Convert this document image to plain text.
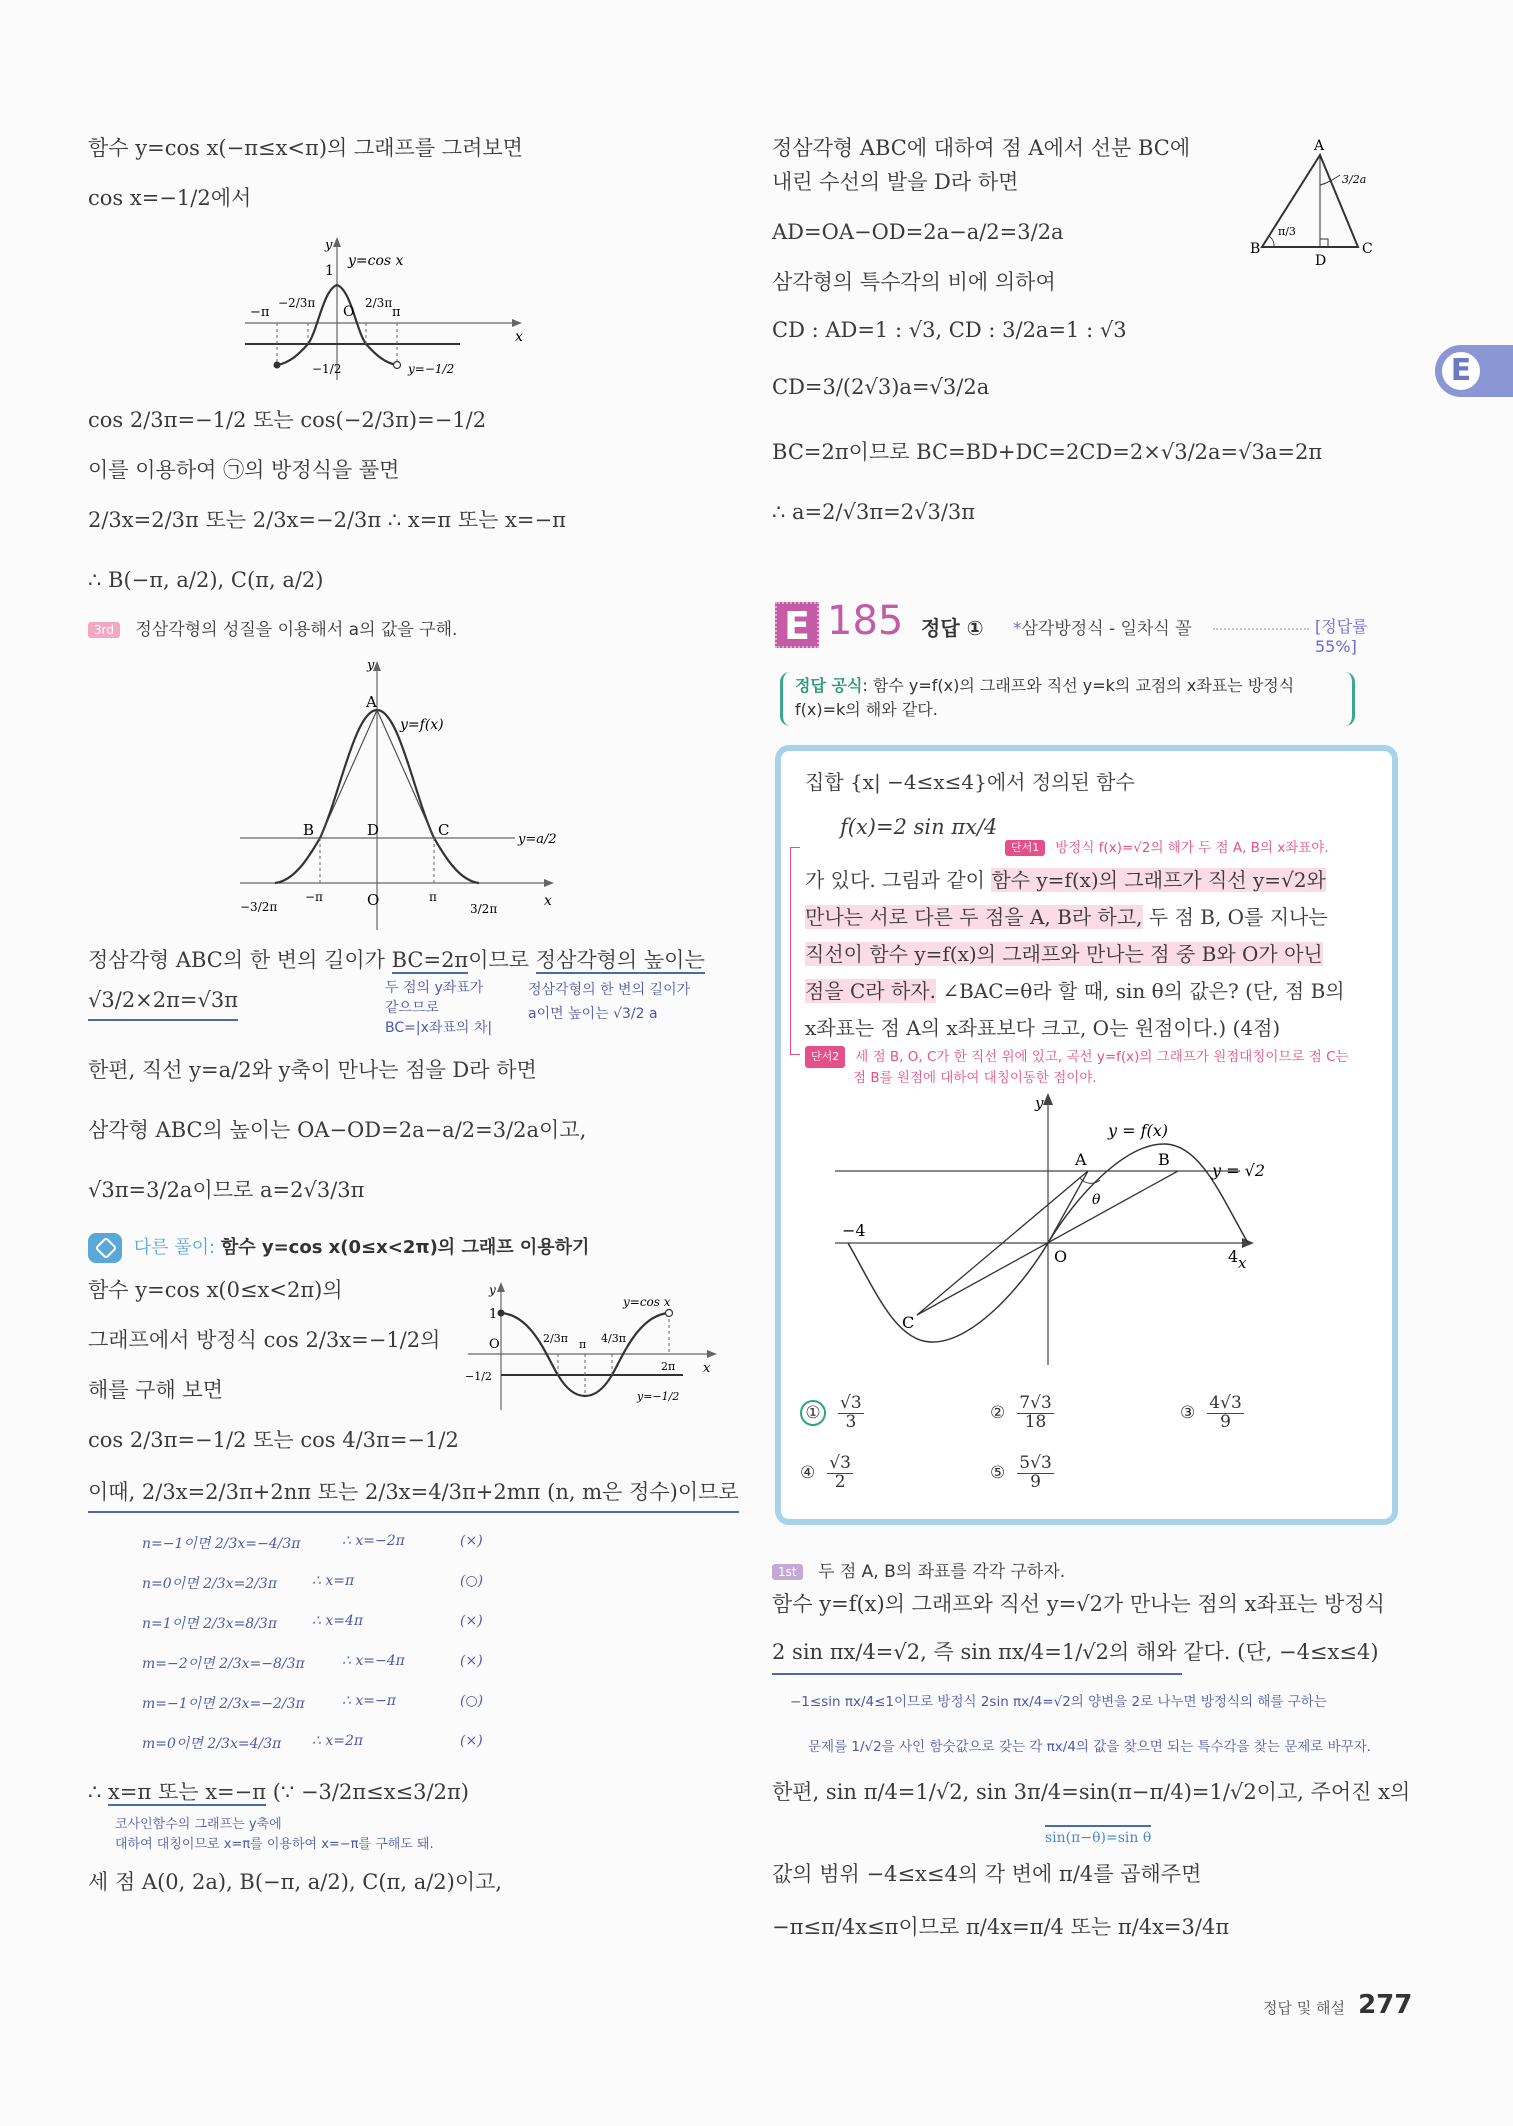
함수 y=cos x(−π≤x<π)의 그래프를 그려보면
cos x=−1/2에서
y
x
y=cos x
1
O
−π
−2/3π	2/3π
π
−1/2	y=−1/2
cos 2/3π=−1/2 또는 cos(−2/3π)=−1/2
이를 이용하여 ㉠의 방정식을 풀면
2/3x=2/3π 또는 2/3x=−2/3π ∴ x=π 또는 x=−π
∴ B(−π, a/2), C(π, a/2)
3rd 정삼각형의 성질을 이용해서 a의 값을 구해.
y
x
A
B	D	C
O
y=f(x)
y=a/2
−3/2π
−π	π
3/2π
정삼각형 ABC의 한 변의 길이가 BC=2π이므로 정삼각형의 높이는
√3/2×2π=√3π	두 점의 y좌표가
같으므로
BC=|x좌표의 차|
정삼각형의 한 변의 길이가
a이면 높이는 √3/2 a
한편, 직선 y=a/2와 y축이 만나는 점을 D라 하면
삼각형 ABC의 높이는 OA−OD=2a−a/2=3/2a이고,
√3π=3/2a이므로 a=2√3/3π
다른 풀이: 함수 y=cos x(0≤x<2π)의 그래프 이용하기
함수 y=cos x(0≤x<2π)의
그래프에서 방정식 cos 2/3x=−1/2의
해를 구해 보면
y
x
1
O
y=cos x
2/3π π 4/3π
2π
−1/2
y=−1/2
cos 2/3π=−1/2 또는 cos 4/3π=−1/2
이때, 2/3x=2/3π+2nπ 또는 2/3x=4/3π+2mπ (n, m은 정수)이므로
n=−1이면 2/3x=−4/3π	∴ x=−2π	(×)
n=0이면 2/3x=2/3π ∴ x=π	(○)
n=1이면 2/3x=8/3π ∴ x=4π	(×)
m=−2이면 2/3x=−8/3π	∴ x=−4π	(×)
m=−1이면 2/3x=−2/3π	∴ x=−π	(○)
m=0이면 2/3x=4/3π ∴ x=2π	(×)
∴ x=π 또는 x=−π (∵ −3/2π≤x≤3/2π)
코사인함수의 그래프는 y축에
대하여 대칭이므로 x=π를 이용하여 x=−π를 구해도 돼.
세 점 A(0, 2a), B(−π, a/2), C(π, a/2)이고,
정삼각형 ABC에 대하여 점 A에서 선분 BC에
내린 수선의 발을 D라 하면
AD=OA−OD=2a−a/2=3/2a
삼각형의 특수각의 비에 의하여
CD : AD=1 : √3, CD : 3/2a=1 : √3
CD=3/(2√3)a=√3/2a
BC=2π이므로 BC=BD+DC=2CD=2×√3/2a=√3a=2π
∴ a=2/√3π=2√3/3π
A
B	C
D
π/3
3/2a
E
E 185 정답 ① *삼각방정식 - 일차식 꼴	[정답률 55%]
정답 공식: 함수 y=f(x)의 그래프와 직선 y=k의 교점의 x좌표는 방정식
f(x)=k의 해와 같다.
집합 {x| −4≤x≤4}에서 정의된 함수
f(x)=2 sin πx/4
단서1 방정식 f(x)=√2의 해가 두 점 A, B의 x좌표야.
가 있다. 그림과 같이 함수 y=f(x)의 그래프가 직선 y=√2와
만나는 서로 다른 두 점을 A, B라 하고, 두 점 B, O를 지나는
직선이 함수 y=f(x)의 그래프와 만나는 점 중 B와 O가 아닌
점을 C라 하자. ∠BAC=θ라 할 때, sin θ의 값은? (단, 점 B의
x좌표는 점 A의 x좌표보다 크고, O는 원점이다.) (4점)
단서2 세 점 B, O, C가 한 직선 위에 있고, 곡선 y=f(x)의 그래프가 원점대칭이므로 점 C는
점 B를 원점에 대하여 대칭이동한 점이야.
y
x
y = f(x)
y = √2
A	B
C
O
θ
−4
4
① $\frac{√3}{3}$	② $\frac{7√3}{18}$	③ $\frac{4√3}{9}$
④ $\frac{√3}{2}$	⑤ $\frac{5√3}{9}$
1st 두 점 A, B의 좌표를 각각 구하자.
함수 y=f(x)의 그래프와 직선 y=√2가 만나는 점의 x좌표는 방정식
2 sin πx/4=√2, 즉 sin πx/4=1/√2의 해와 같다. (단, −4≤x≤4)
−1≤sin πx/4≤1이므로 방정식 2sin πx/4=√2의 양변을 2로 나누면 방정식의 해를 구하는
문제를 1/√2을 사인 함숫값으로 갖는 각 πx/4의 값을 찾으면 되는 특수각을 찾는 문제로 바꾸자.
한편, sin π/4=1/√2, sin 3π/4=sin(π−π/4)=1/√2이고, 주어진 x의
sin(π−θ)=sin θ
값의 범위 −4≤x≤4의 각 변에 π/4를 곱해주면
−π≤π/4x≤π이므로 π/4x=π/4 또는 π/4x=3/4π
정답 및 해설 277
